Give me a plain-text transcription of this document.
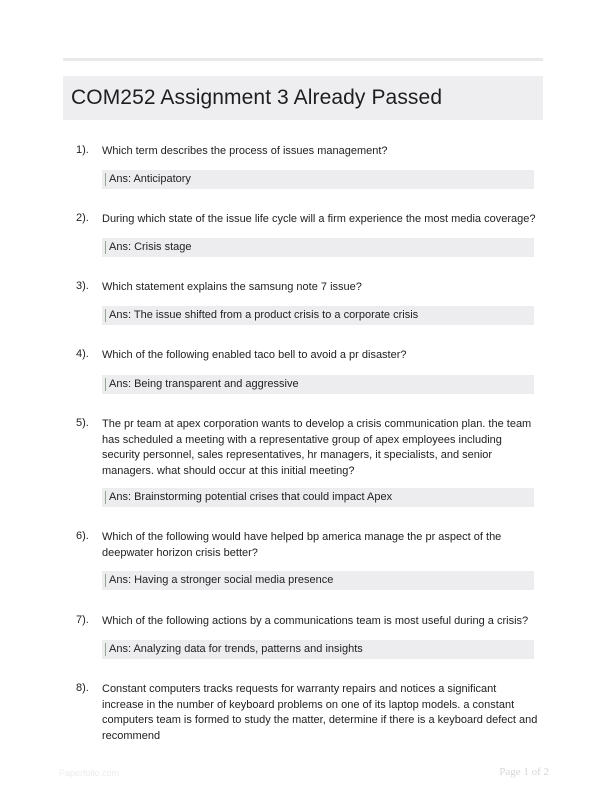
COM252 Assignment 3 Already Passed
1). Which term describes the process of issues management?

Ans: Anticipatory
2). During which state of the issue life cycle will a firm experience the most media coverage?

Ans: Crisis stage
3). Which statement explains the samsung note 7 issue?

Ans: The issue shifted from a product crisis to a corporate crisis
4). Which of the following enabled taco bell to avoid a pr disaster?

Ans: Being transparent and aggressive
5). The pr team at apex corporation wants to develop a crisis communication plan. the team has scheduled a meeting with a representative group of apex employees including security personnel, sales representatives, hr managers, it specialists, and senior managers. what should occur at this initial meeting?

Ans: Brainstorming potential crises that could impact Apex
6). Which of the following would have helped bp america manage the pr aspect of the deepwater horizon crisis better?

Ans: Having a stronger social media presence
7). Which of the following actions by a communications team is most useful during a crisis?

Ans: Analyzing data for trends, patterns and insights
8). Constant computers tracks requests for warranty repairs and notices a significant increase in the number of keyboard problems on one of its laptop models. a constant computers team is formed to study the matter, determine if there is a keyboard defect and recommend

Paperfolio.com	Page 1 of 2
